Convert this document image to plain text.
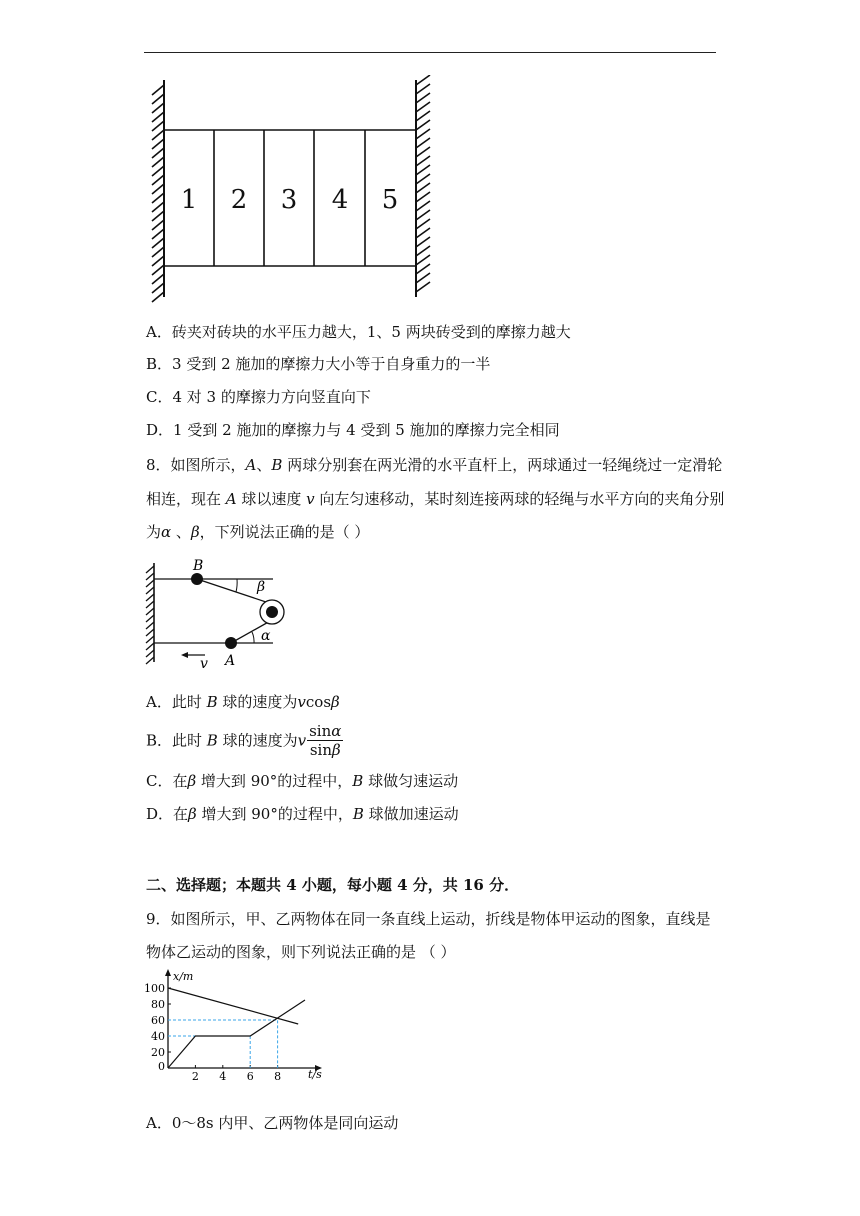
1 2 3 4 5
A．砖夹对砖块的水平压力越大，1、5 两块砖受到的摩擦力越大
B．3 受到 2 施加的摩擦力大小等于自身重力的一半
C．4 对 3 的摩擦力方向竖直向下
D．1 受到 2 施加的摩擦力与 4 受到 5 施加的摩擦力完全相同
8．如图所示，A、B 两球分别套在两光滑的水平直杆上，两球通过一轻绳绕过一定滑轮
相连，现在 A 球以速度 v 向左匀速移动，某时刻连接两球的轻绳与水平方向的夹角分别
为α 、β，下列说法正确的是（ ）
B
β
α
A
v
A．此时 B 球的速度为vcosβ
B．此时 B 球的速度为v $\frac{\sin\alpha}{\sin\beta}$
C．在β 增大到 90°的过程中，B 球做匀速运动
D．在β 增大到 90°的过程中，B 球做加速运动
二、选择题；本题共 4 小题，每小题 4 分，共 16 分．
9．如图所示，甲、乙两物体在同一条直线上运动，折线是物体甲运动的图象，直线是
物体乙运动的图象，则下列说法正确的是 （ ）
x/m
t/s
0
2 4 6 8
20
40
60
80
100
A．0～8s 内甲、乙两物体是同向运动
